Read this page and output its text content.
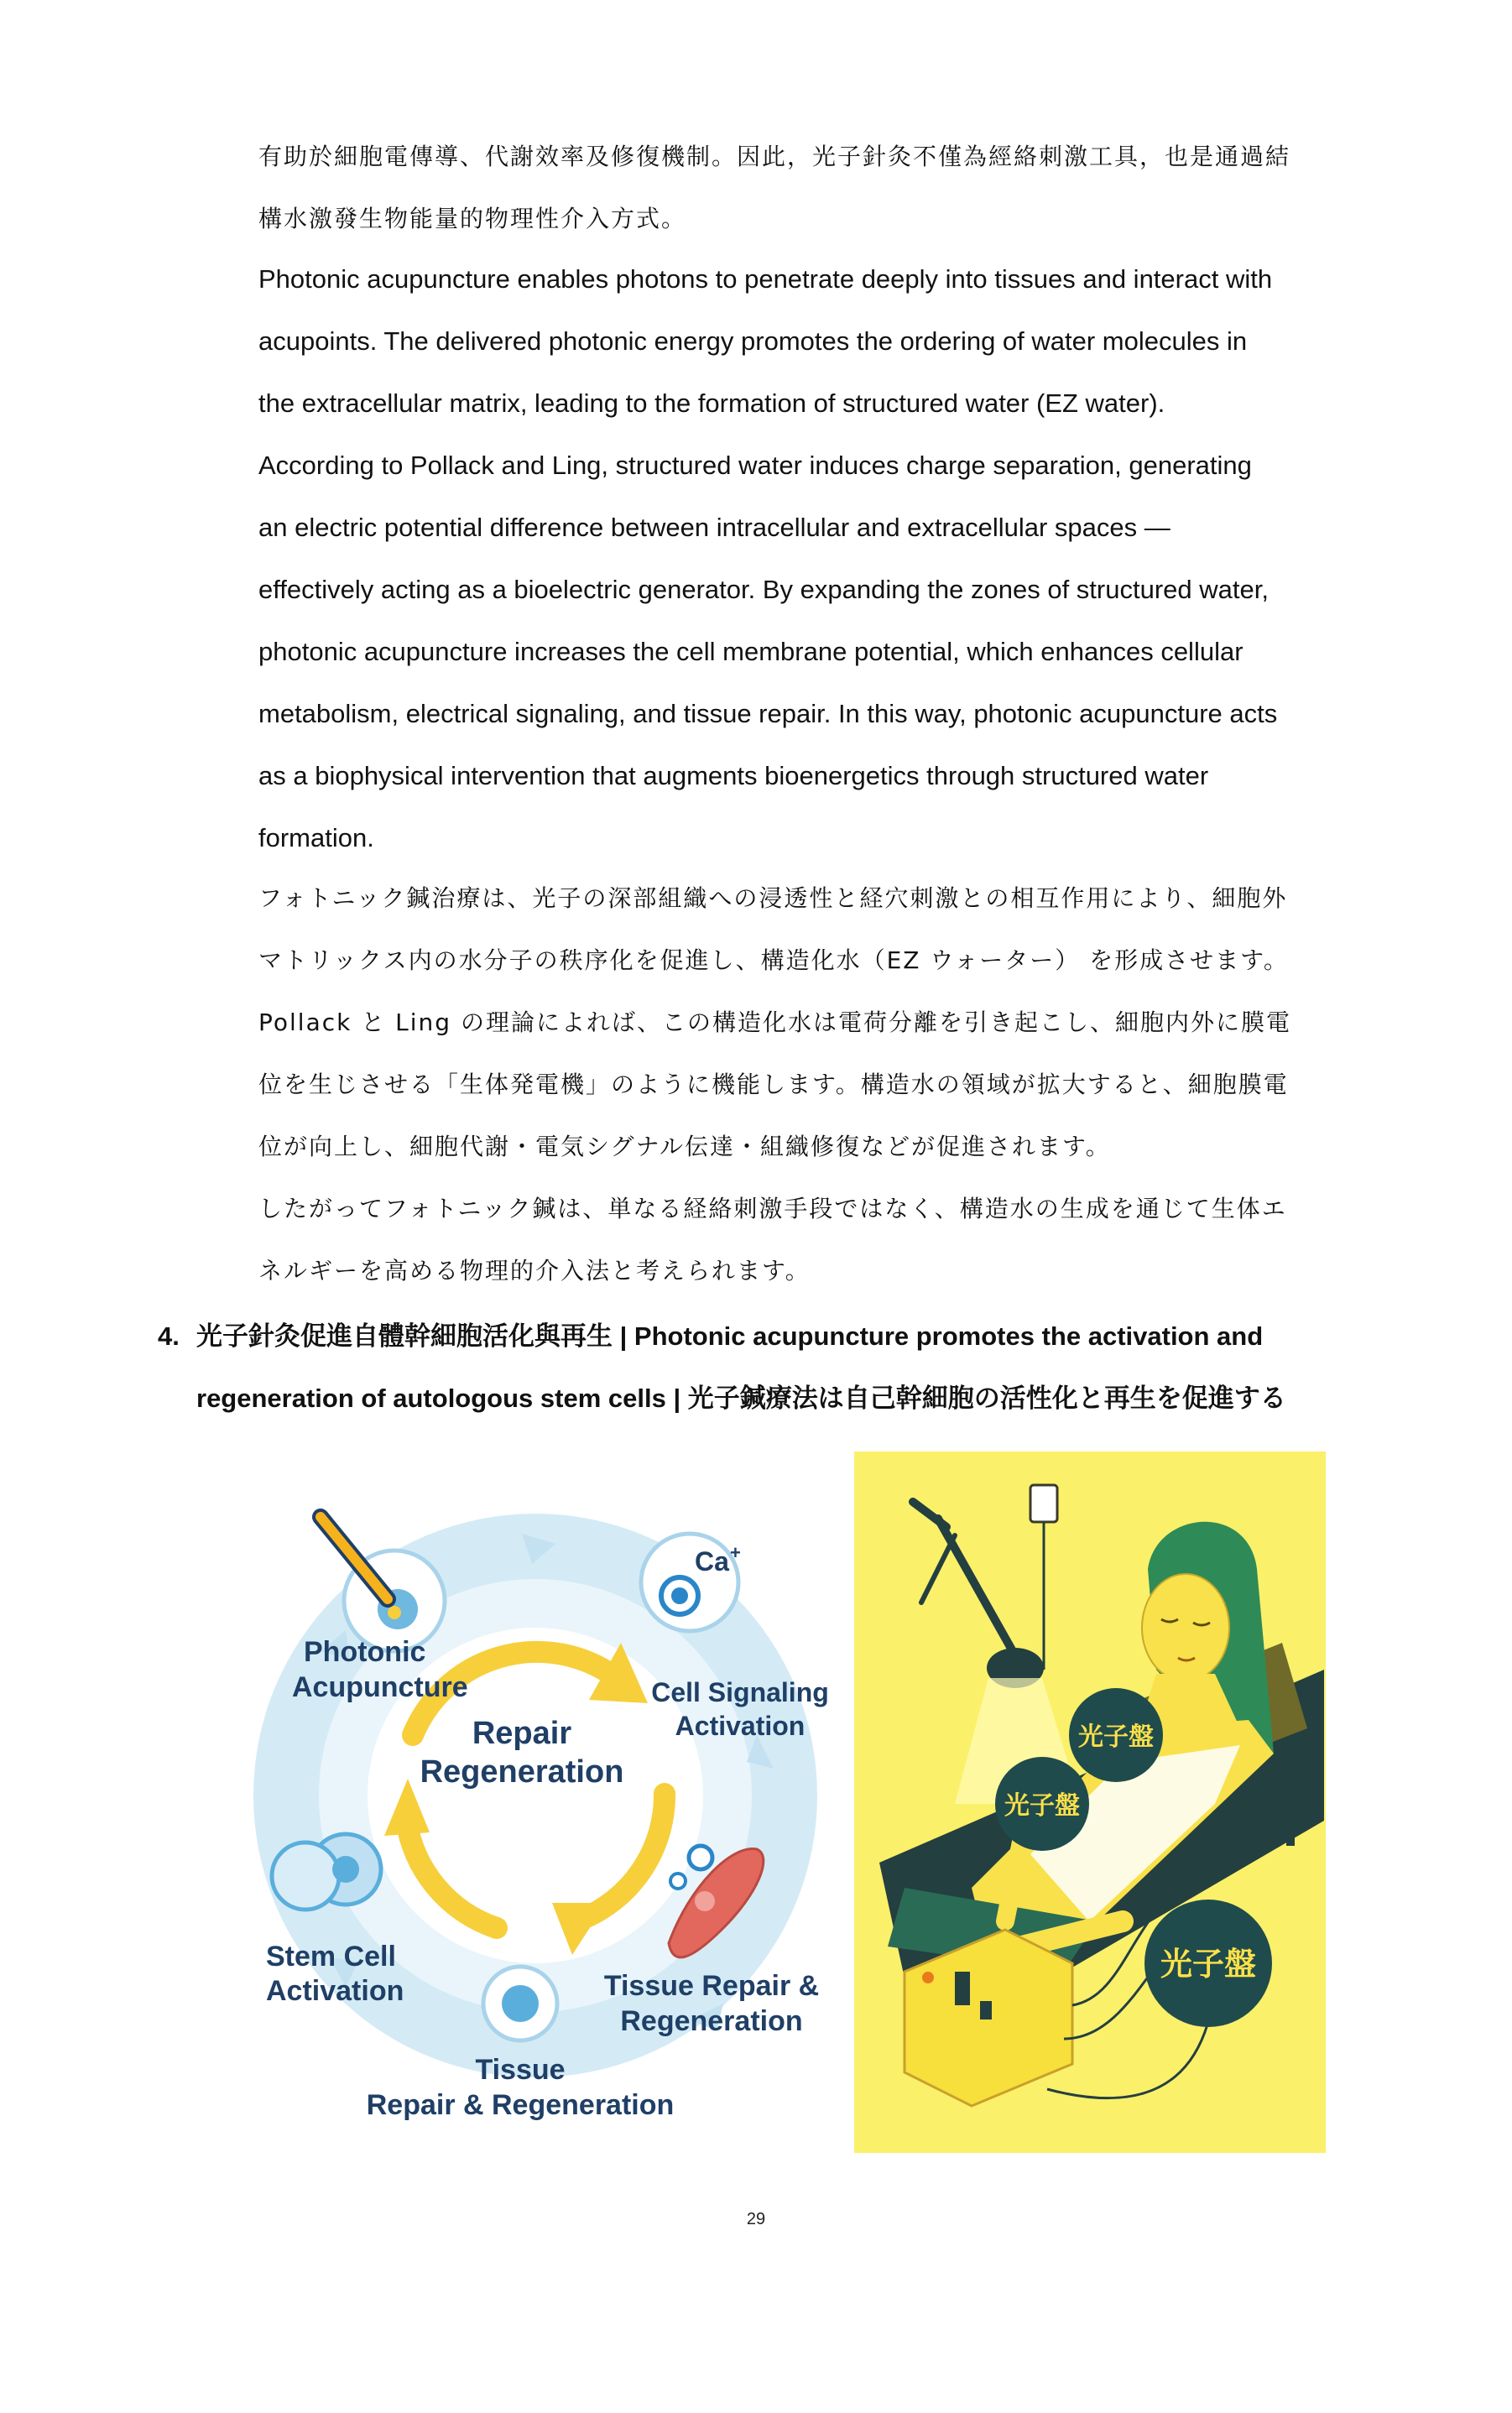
有助於細胞電傳導、代謝效率及修復機制。因此，光子針灸不僅為經絡刺激工具，也是通過結

構水激發生物能量的物理性介入方式。

Photonic acupuncture enables photons to penetrate deeply into tissues and interact with

acupoints. The delivered photonic energy promotes the ordering of water molecules in

the extracellular matrix, leading to the formation of structured water (EZ water).

According to Pollack and Ling, structured water induces charge separation, generating

an electric potential difference between intracellular and extracellular spaces —

effectively acting as a bioelectric generator. By expanding the zones of structured water,

photonic acupuncture increases the cell membrane potential, which enhances cellular

metabolism, electrical signaling, and tissue repair. In this way, photonic acupuncture acts

as a biophysical intervention that augments bioenergetics through structured water

formation.

フォトニック鍼治療は、光子の深部組織への浸透性と経穴刺激との相互作用により、細胞外

マトリックス内の水分子の秩序化を促進し、構造化水（EZ ウォーター） を形成させます。

Pollack と Ling の理論によれば、この構造化水は電荷分離を引き起こし、細胞内外に膜電

位を生じさせる「生体発電機」のように機能します。構造水の領域が拡大すると、細胞膜電

位が向上し、細胞代謝・電気シグナル伝達・組織修復などが促進されます。

したがってフォトニック鍼は、単なる経絡刺激手段ではなく、構造水の生成を通じて生体エ

ネルギーを高める物理的介入法と考えられます。

4. 光子針灸促進自體幹細胞活化與再生 | Photonic acupuncture promotes the activation and

regeneration of autologous stem cells | 光子鍼療法は自己幹細胞の活性化と再生を促進する

Repair
Regeneration
Photonic
Acupuncture
Ca +
Cell Signaling
Activation
Stem Cell
Activation	Tissue Repair &
Regeneration
Tissue
Repair & Regeneration
光子盤
光子盤
光子盤
29
